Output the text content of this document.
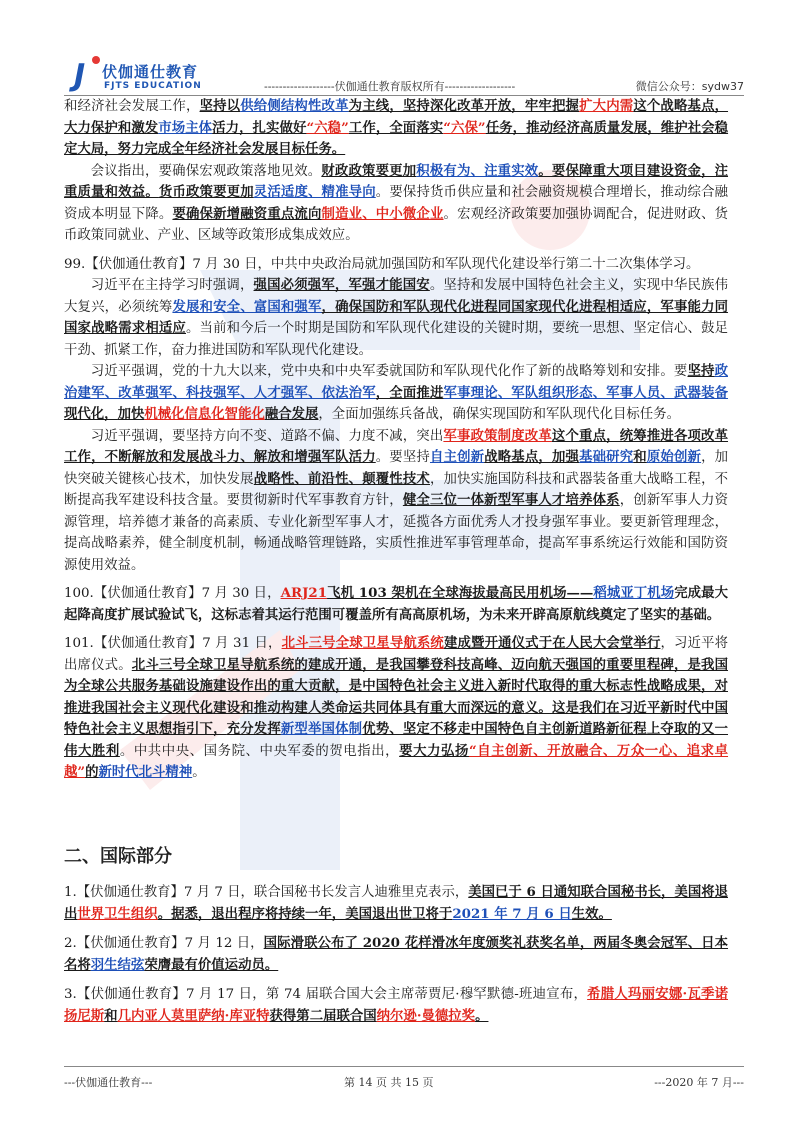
J	伏伽通仕教育
FJTS EDUCATION	-------------------伏伽通仕教育版权所有-------------------	微信公众号：sydw37

和经济社会发展工作，坚持以供给侧结构性改革为主线，坚持深化改革开放，牢牢把握扩大内需这个战略基点，大力保护和激发市场主体活力，扎实做好“六稳”工作，全面落实“六保”任务，推动经济高质量发展，维护社会稳定大局，努力完成全年经济社会发展目标任务。

会议指出，要确保宏观政策落地见效。财政政策要更加积极有为、注重实效。要保障重大项目建设资金，注重质量和效益。货币政策要更加灵活适度、精准导向。要保持货币供应量和社会融资规模合理增长，推动综合融资成本明显下降。要确保新增融资重点流向制造业、中小微企业。宏观经济政策要加强协调配合，促进财政、货币政策同就业、产业、区域等政策形成集成效应。

99.【伏伽通仕教育】7 月 30 日，中共中央政治局就加强国防和军队现代化建设举行第二十二次集体学习。

习近平在主持学习时强调，强国必须强军，军强才能国安。坚持和发展中国特色社会主义，实现中华民族伟大复兴，必须统筹发展和安全、富国和强军，确保国防和军队现代化进程同国家现代化进程相适应，军事能力同国家战略需求相适应。当前和今后一个时期是国防和军队现代化建设的关键时期，要统一思想、坚定信心、鼓足干劲、抓紧工作，奋力推进国防和军队现代化建设。

习近平强调，党的十九大以来，党中央和中央军委就国防和军队现代化作了新的战略筹划和安排。要坚持政治建军、改革强军、科技强军、人才强军、依法治军，全面推进军事理论、军队组织形态、军事人员、武器装备现代化，加快机械化信息化智能化融合发展，全面加强练兵备战，确保实现国防和军队现代化目标任务。

习近平强调，要坚持方向不变、道路不偏、力度不减，突出军事政策制度改革这个重点，统筹推进各项改革工作，不断解放和发展战斗力、解放和增强军队活力。要坚持自主创新战略基点，加强基础研究和原始创新，加快突破关键核心技术，加快发展战略性、前沿性、颠覆性技术，加快实施国防科技和武器装备重大战略工程，不断提高我军建设科技含量。要贯彻新时代军事教育方针，健全三位一体新型军事人才培养体系，创新军事人力资源管理，培养德才兼备的高素质、专业化新型军事人才，延揽各方面优秀人才投身强军事业。要更新管理理念，提高战略素养，健全制度机制，畅通战略管理链路，实质性推进军事管理革命，提高军事系统运行效能和国防资源使用效益。

100.【伏伽通仕教育】7 月 30 日，ARJ21飞机 103 架机在全球海拔最高民用机场——稻城亚丁机场完成最大起降高度扩展试验试飞，这标志着其运行范围可覆盖所有高高原机场，为未来开辟高原航线奠定了坚实的基础。

101.【伏伽通仕教育】7 月 31 日，北斗三号全球卫星导航系统建成暨开通仪式于在人民大会堂举行，习近平将出席仪式。北斗三号全球卫星导航系统的建成开通，是我国攀登科技高峰、迈向航天强国的重要里程碑，是我国为全球公共服务基础设施建设作出的重大贡献，是中国特色社会主义进入新时代取得的重大标志性战略成果，对推进我国社会主义现代化建设和推动构建人类命运共同体具有重大而深远的意义。这是我们在习近平新时代中国特色社会主义思想指引下，充分发挥新型举国体制优势、坚定不移走中国特色自主创新道路新征程上夺取的又一伟大胜利。中共中央、国务院、中央军委的贺电指出，要大力弘扬“自主创新、开放融合、万众一心、追求卓越”的新时代北斗精神。

二、国际部分

1.【伏伽通仕教育】7 月 7 日，联合国秘书长发言人迪雅里克表示，美国已于 6 日通知联合国秘书长，美国将退出世界卫生组织。据悉，退出程序将持续一年，美国退出世卫将于2021 年 7 月 6 日生效。

2.【伏伽通仕教育】7 月 12 日，国际滑联公布了 2020 花样滑冰年度颁奖礼获奖名单，两届冬奥会冠军、日本名将羽生结弦荣膺最有价值运动员。

3.【伏伽通仕教育】7 月 17 日，第 74 届联合国大会主席蒂贾尼·穆罕默德-班迪宣布，希腊人玛丽安娜·瓦季诺扬尼斯和几内亚人莫里萨纳·库亚特获得第二届联合国纳尔逊·曼德拉奖。

---伏伽通仕教育---	第 14 页 共 15 页	---2020 年 7 月---
